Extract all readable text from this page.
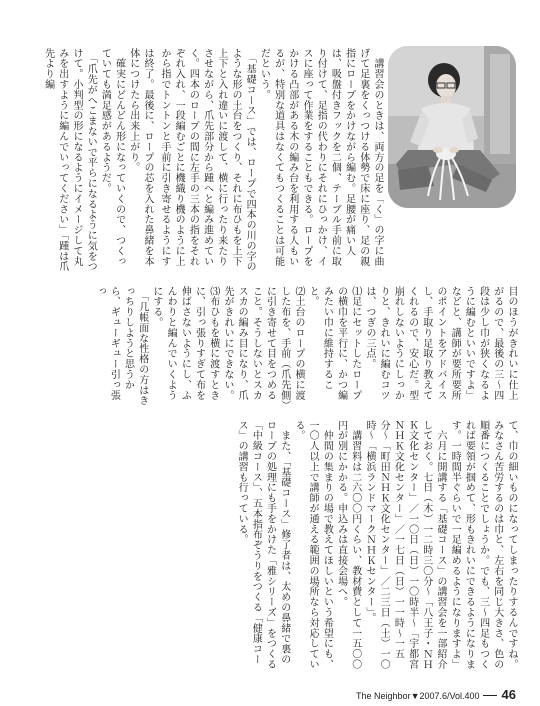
　講習会のときは、両方の足を「く」の字に曲げて足裏をくっつける体勢で床に座り、足の親指にロープをかけながら編む。足腰が痛い人は、吸盤付きフックを二個、テーブル手前に取り付けて、足指の代わりにそれにひっかけ、イスに座って作業をすることもできる。ロープをかける凸部がある木の編み台を利用する人もいるが、特別な道具はなくてもつくることは可能だという。
　「基礎コース」では、ロープで四本の川の字のような形の土台をつくり、それに布ひもを上下上下と入れ違いに渡して、横に行ったり来たりさせながら、爪先部分から踵へと編み進めていく。四本のロープの間に左手の三本の指をそれぞれ入れ、一段編むごとに機織り機のように上から指でトントンと手前に引き寄せるようにす
は終了。最後に、ロープの芯を入れた鼻緒を本体につけたら出来上がり。
　確実にどんどん形になっていくので、つくっていても満足感があるようだ。
　「爪先がへこまないで平らになるように気をつけて。小判型の形になるようにイメージして丸みを出すように編んでいってください」「踵は爪先より編
目のほうがきれいに仕上がるので、最後の三〜四段は少し巾が狭くなるように編むといいですよ」などと、講師が要所要所のポイントをアドバイスし、手取り足取り教えてくれるので、安心だ。型崩れしないようにしっかりと、きれいに編むコツは、つぎの三点。
⑴足にセットしたロープの横巾を平行に、かつ編みたい巾に維持すること。
⑵土台のロープの横に渡した布を、手前（爪先側）に引き寄せて目をつめること。そうしないとスカスカの編み目になり、爪先がきれいにできない。
⑶布ひもを横に渡すときに、引っ張りすぎて布を伸ばさないようにし、ふんわりと編んでいくようにする。
　「几帳面な性格の方はきっちりしようと思うから、ギューギュー引っ張っ
て、巾の細いものになってしまったりするんですね。みなさん苦労するのは巾と、左右を同じ大きさ、色の順番につくることでしょうか。でも、三〜四足もつくれば要領が掴めて、形もきれいにできるようになります。一時間半ぐらいで一足編めるようになりますよ」
　六月に開講する「基礎コース」の講習会を一部紹介しておく。七日（木）一二時三〇分〜「八王子・ＮＨＫ文化センター」／一〇日（日）一〇時半〜「宇都宮ＮＨＫ文化センター」／一七日（日）一一時〜一五分〜「町田ＮＨＫ文化センター」／二三日（土）一〇時〜「横浜ランドマークＮＨＫセンター」。
　講習料は二六〇〇円くらい、教材費として一五〇〇円が別にかかる。申込みは直接会場へ。
　仲間の集まりの場で教えてほしいという希望にも、一〇人以上で講師が通える範囲の場所なら対応している。
　また、「基礎コース」修了者は、太めの鼻緒で裏のロープの処理にも手をかけた「雅シリーズ」をつくる「中級コース」、五本指布ぞうりをつくる「健康コース」の講習も行っている。
The Neighbor▼2007.6/Vol.400 46
